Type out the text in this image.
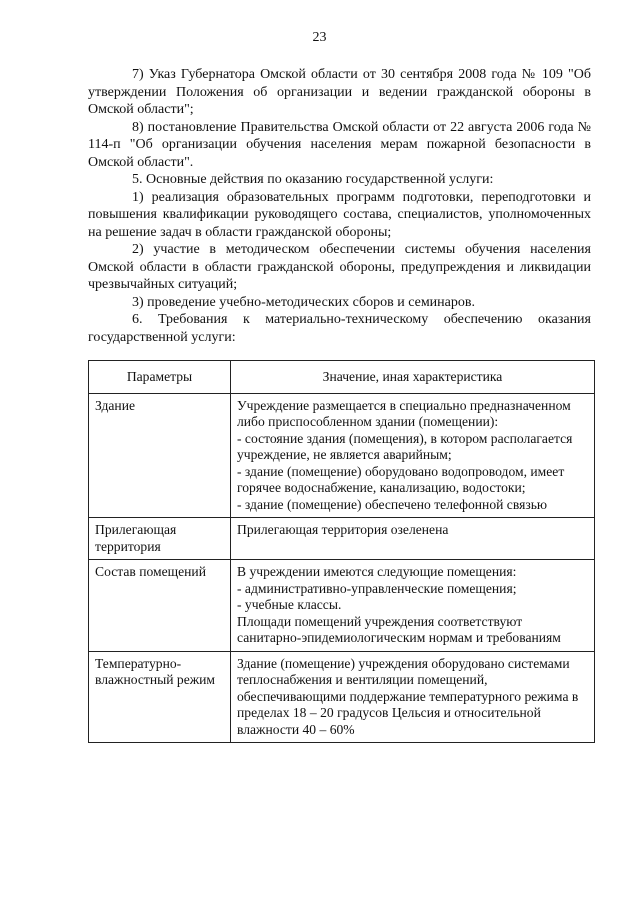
23

7) Указ Губернатора Омской области от 30 сентября 2008 года № 109 "Об утверждении Положения об организации и ведении гражданской обороны в Омской области";

8) постановление Правительства Омской области от 22 августа 2006 года № 114-п "Об организации обучения населения мерам пожарной безопасности в Омской области".

5. Основные действия по оказанию государственной услуги:

1) реализация образовательных программ подготовки, переподготовки и повышения квалификации руководящего состава, специалистов, уполномоченных на решение задач в области гражданской обороны;

2) участие в методическом обеспечении системы обучения населения Омской области в области гражданской обороны, предупреждения и ликвидации чрезвычайных ситуаций;

3) проведение учебно-методических сборов и семинаров.

6. Требования к материально-техническому обеспечению оказания государственной услуги:

Параметры	Значение, иная характеристика
Здание	Учреждение размещается в специально предназначенном либо приспособленном здании (помещении):
- состояние здания (помещения), в котором располагается учреждение, не является аварийным;
- здание (помещение) оборудовано водопроводом, имеет горячее водоснабжение, канализацию, водостоки;
- здание (помещение) обеспечено телефонной связью

Прилегающая территория	Прилегающая территория озеленена

Состав помещений	В учреждении имеются следующие помещения:
- административно-управленческие помещения;
- учебные классы.
Площади помещений учреждения соответствуют санитарно-эпидемиологическим нормам и требованиям

Температурно-влажностный режим	Здание (помещение) учреждения оборудовано системами теплоснабжения и вентиляции помещений, обеспечивающими поддержание температурного режима в пределах 18 – 20 градусов Цельсия и относительной влажности 40 – 60%
